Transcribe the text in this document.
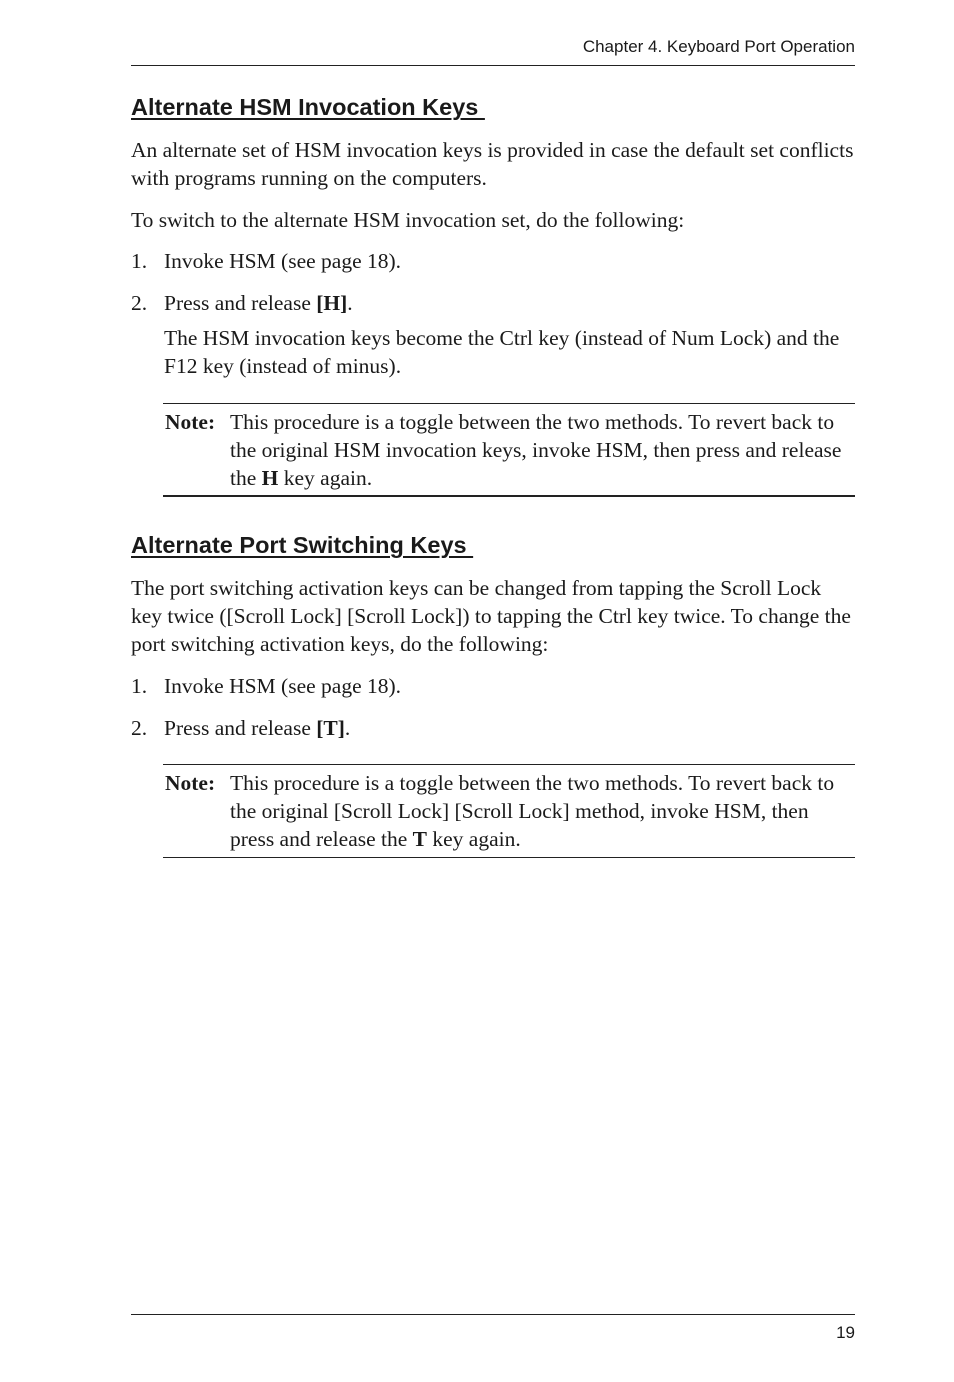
Chapter 4. Keyboard Port Operation
Alternate HSM Invocation Keys

An alternate set of HSM invocation keys is provided in case the default set conflicts with programs running on the computers.

To switch to the alternate HSM invocation set, do the following:

1. Invoke HSM (see page 18).
2. Press and release [H].

The HSM invocation keys become the Ctrl key (instead of Num Lock) and the F12 key (instead of minus).

Note: This procedure is a toggle between the two methods. To revert back to the original HSM invocation keys, invoke HSM, then press and release the H key again.
Alternate Port Switching Keys

The port switching activation keys can be changed from tapping the Scroll Lock key twice ([Scroll Lock] [Scroll Lock]) to tapping the Ctrl key twice. To change the port switching activation keys, do the following:

1. Invoke HSM (see page 18).
2. Press and release [T].
Note: This procedure is a toggle between the two methods. To revert back to the original [Scroll Lock] [Scroll Lock] method, invoke HSM, then press and release the T key again.
19
